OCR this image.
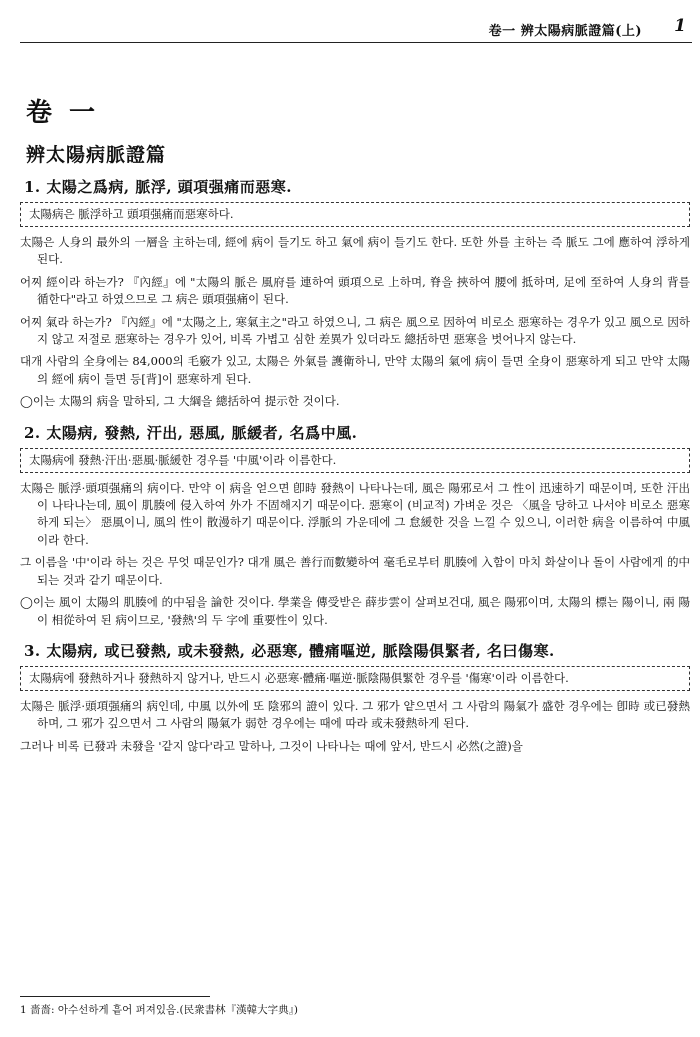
卷一 辨太陽病脈證篇(上) 1
卷 一
辨太陽病脈證篇
1. 太陽之爲病, 脈浮, 頭項强痛而惡寒.
太陽病은 脈浮하고 頭項强痛而惡寒하다.

太陽은 人身의 最外의 一層을 主하는데, 經에 病이 들기도 하고 氣에 病이 들기도 한다. 또한 外를 主하는 즉 脈도 그에 應하여 浮하게 된다.

어찌 經이라 하는가? 『內經』에 "太陽의 脈은 風府를 連하여 頭項으로 上하며, 脊을 挾하여 腰에 抵하며, 足에 至하여 人身의 背를 循한다"라고 하였으므로 그 病은 頭項强痛이 된다.

어찌 氣라 하는가? 『內經』에 "太陽之上, 寒氣主之"라고 하였으니, 그 病은 風으로 因하여 비로소 惡寒하는 경우가 있고 風으로 因하지 않고 저절로 惡寒하는 경우가 있어, 비록 가볍고 심한 差異가 있더라도 總括하면 惡寒을 벗어나지 않는다.

대개 사람의 全身에는 84,000의 毛竅가 있고, 太陽은 外氣를 護衛하니, 만약 太陽의 氣에 病이 들면 全身이 惡寒하게 되고 만약 太陽의 經에 病이 들면 등[背]이 惡寒하게 된다.

◯이는 太陽의 病을 말하되, 그 大綱을 總括하여 提示한 것이다.

2. 太陽病, 發熱, 汗出, 惡風, 脈緩者, 名爲中風.
太陽病에 發熱·汗出·惡風·脈緩한 경우를 '中風'이라 이름한다.

太陽은 脈浮·頭項强痛의 病이다. 만약 이 病을 얻으면 卽時 發熱이 나타나는데, 風은 陽邪로서 그 性이 迅速하기 때문이며, 또한 汗出이 나타나는데, 風이 肌腠에 侵入하여 外가 不固해지기 때문이다. 惡寒이 (비교적) 가벼운 것은 〈風을 당하고 나서야 비로소 惡寒하게 되는〉 惡風이니, 風의 性이 散漫하기 때문이다. 浮脈의 가운데에 그 怠緩한 것을 느낄 수 있으니, 이러한 病을 이름하여 中風이라 한다.

그 이름을 '中'이라 하는 것은 무엇 때문인가? 대개 風은 善行而數變하여 毫毛로부터 肌腠에 入함이 마치 화살이나 돌이 사람에게 的中되는 것과 같기 때문이다.

◯이는 風이 太陽의 肌腠에 的中됨을 論한 것이다. 學業을 傳受받은 薛步雲이 살펴보건대, 風은 陽邪이며, 太陽의 標는 陽이니, 兩 陽이 相從하여 된 病이므로, '發熱'의 두 字에 重要性이 있다.

3. 太陽病, 或已發熱, 或未發熱, 必惡寒, 體痛嘔逆, 脈陰陽俱緊者, 名曰傷寒.
太陽病에 發熱하거나 發熱하지 않거나, 반드시 必惡寒·體痛·嘔逆·脈陰陽俱緊한 경우를 '傷寒'이라 이름한다.

太陽은 脈浮·頭項强痛의 病인데, 中風 以外에 또 陰邪의 證이 있다. 그 邪가 얕으면서 그 사람의 陽氣가 盛한 경우에는 卽時 或已發熱하며, 그 邪가 깊으면서 그 사람의 陽氣가 弱한 경우에는 때에 따라 或未發熱하게 된다.

그러나 비록 已發과 未發을 '같지 않다'라고 말하나, 그것이 나타나는 때에 앞서, 반드시 必然(之證)을

1 嗇嗇: 아수선하게 흩어 퍼져있음.(民衆書林『漢韓大字典』)
